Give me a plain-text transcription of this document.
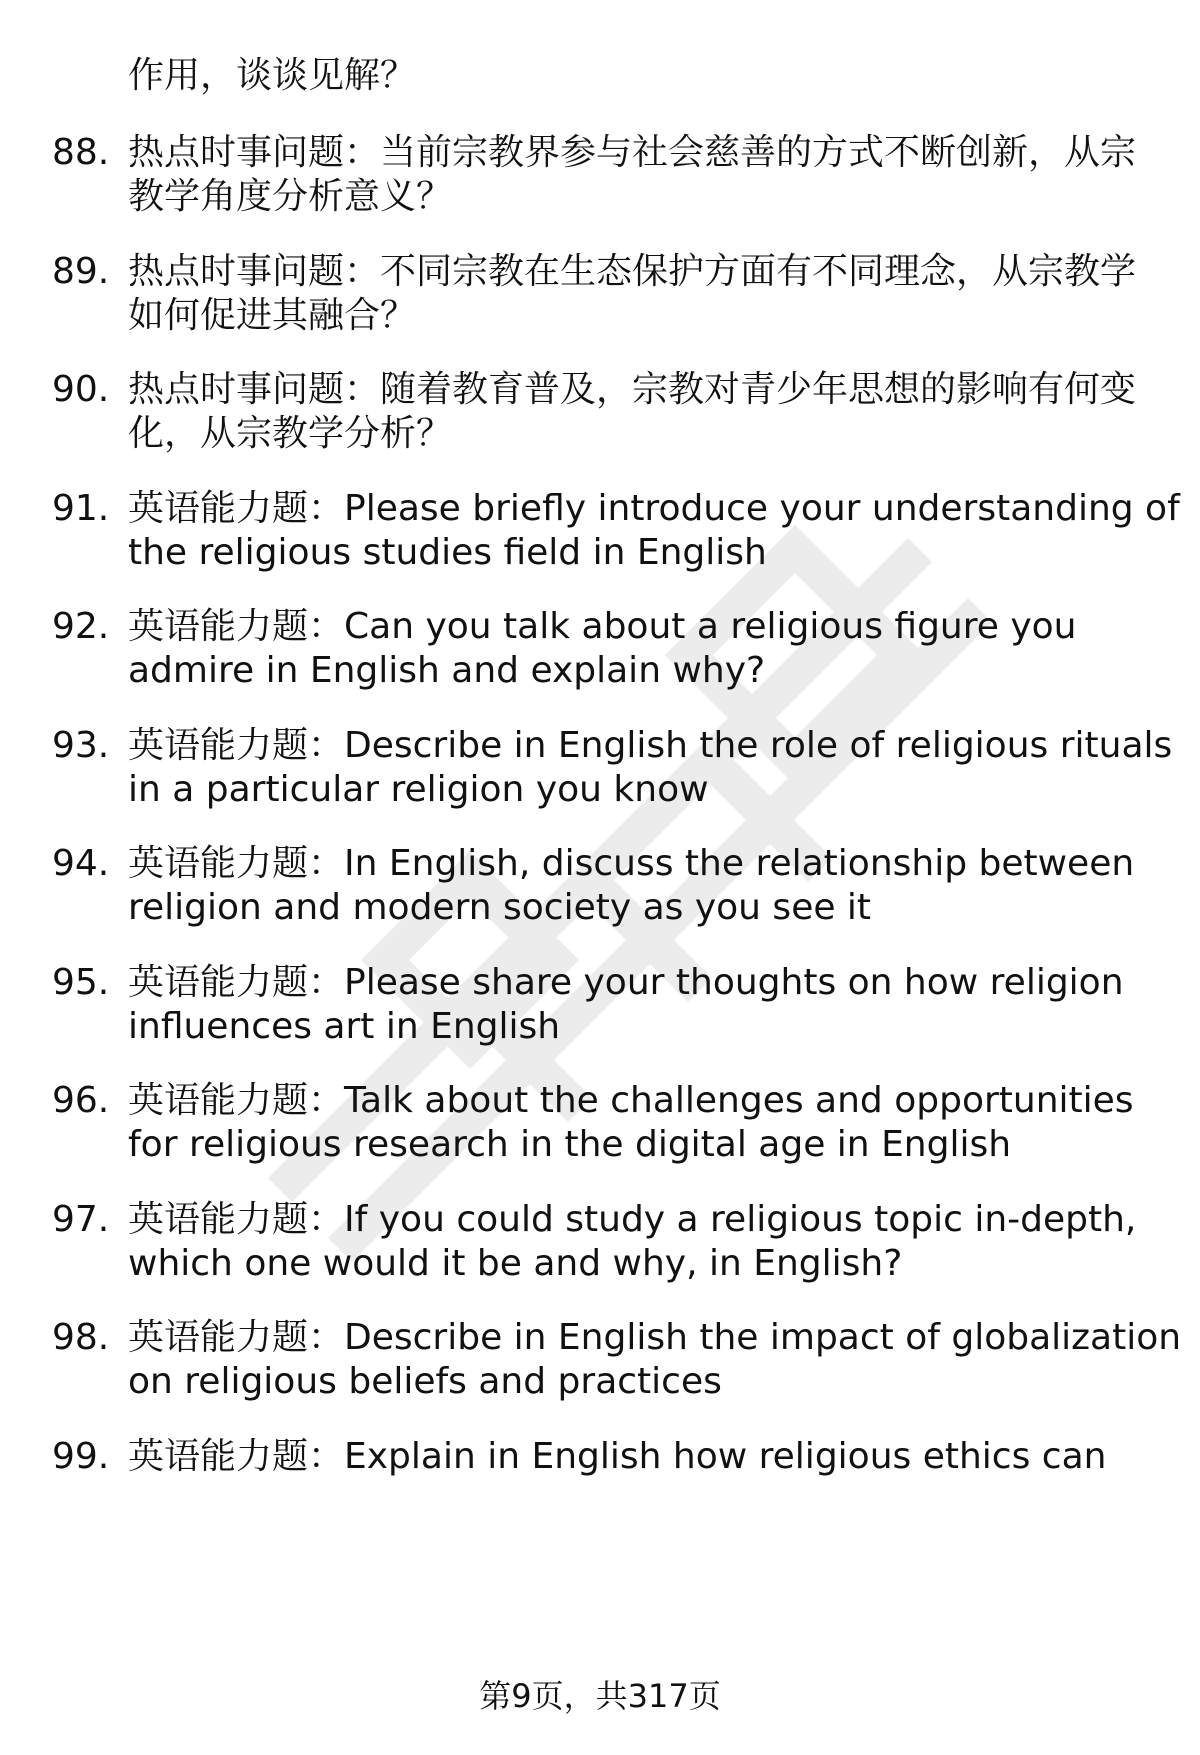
作用，谈谈见解？
88. 热点时事问题：当前宗教界参与社会慈善的方式不断创新，从宗
教学角度分析意义？
89. 热点时事问题：不同宗教在生态保护方面有不同理念，从宗教学
如何促进其融合？
90. 热点时事问题：随着教育普及，宗教对青少年思想的影响有何变
化，从宗教学分析？
91. 英语能力题：Please briefly introduce your understanding of
the religious studies field in English
92. 英语能力题：Can you talk about a religious figure you
admire in English and explain why?
93. 英语能力题：Describe in English the role of religious rituals
in a particular religion you know
94. 英语能力题：In English, discuss the relationship between
religion and modern society as you see it
95. 英语能力题：Please share your thoughts on how religion
influences art in English
96. 英语能力题：Talk about the challenges and opportunities
for religious research in the digital age in English
97. 英语能力题：If you could study a religious topic in-depth,
which one would it be and why, in English?
98. 英语能力题：Describe in English the impact of globalization
on religious beliefs and practices
99. 英语能力题：Explain in English how religious ethics can
第9页，共317页
